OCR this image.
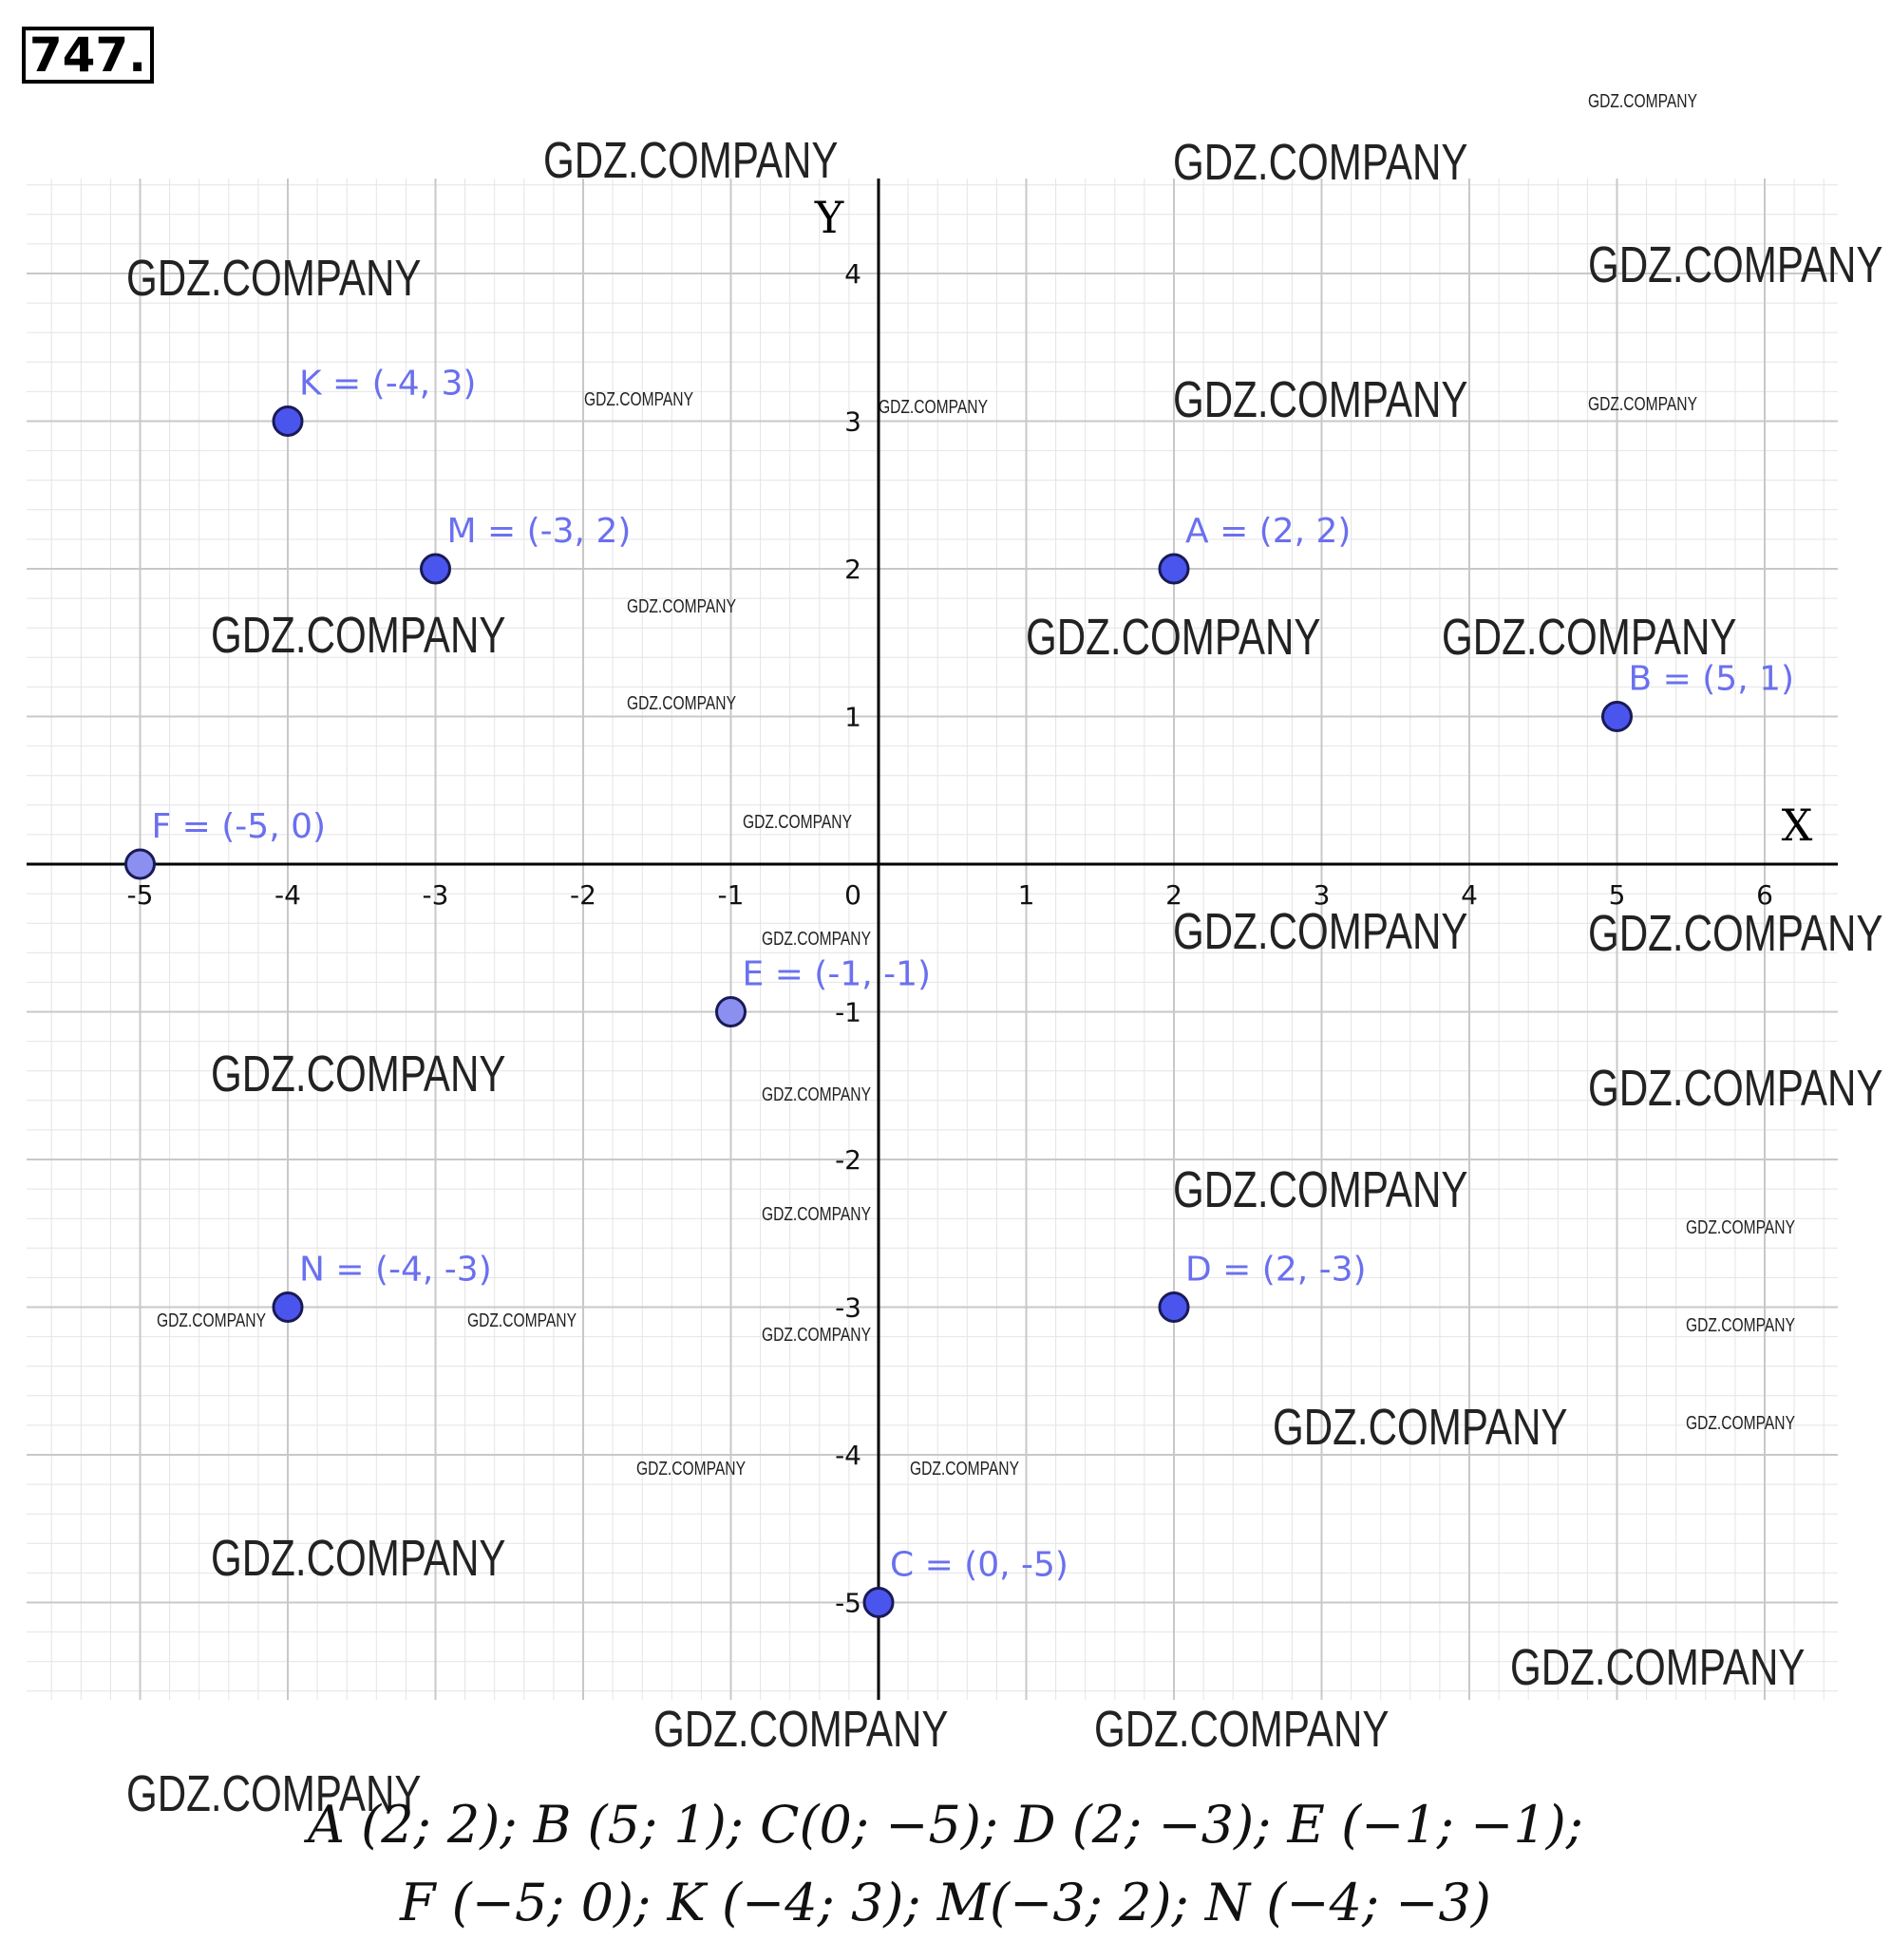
747.
X
Y
-5	-4	-3	-2	-1	1	2	3	4	5	6
4
3
2
1
-1
-2
-3
-4
-5
0
K = (-4, 3)
M = (-3, 2)	A = (2, 2)
B = (5, 1)
F = (-5, 0)
E = (-1, -1)
N = (-4, -3)	D = (2, -3)
C = (0, -5)
GDZ.COMPANY	GDZ.COMPANY
GDZ.COMPANY
GDZ.COMPANY	GDZ.COMPANY
GDZ.COMPANY	GDZ.COMPANY	GDZ.COMPANY	GDZ.COMPANY
GDZ.COMPANY	GDZ.COMPANY
GDZ.COMPANY GDZ.COMPANY
GDZ.COMPANY
GDZ.COMPANY
GDZ.COMPANY GDZ.COMPANY
GDZ.COMPANY
GDZ.COMPANY	GDZ.COMPANY
GDZ.COMPANY
GDZ.COMPANY	GDZ.COMPANY
GDZ.COMPANY
GDZ.COMPANY	GDZ.COMPANY
GDZ.COMPANY	GDZ.COMPANY
GDZ.COMPANY	GDZ.COMPANY
GDZ.COMPANY	GDZ.COMPANY
GDZ.COMPANY
GDZ.COMPANY
GDZ.COMPANY	GDZ.COMPANY
GDZ.COMPANY
A (2; 2); B (5; 1); C(0; −5); D (2; −3); E (−1; −1);
F (−5; 0); K (−4; 3); M(−3; 2); N (−4; −3)
